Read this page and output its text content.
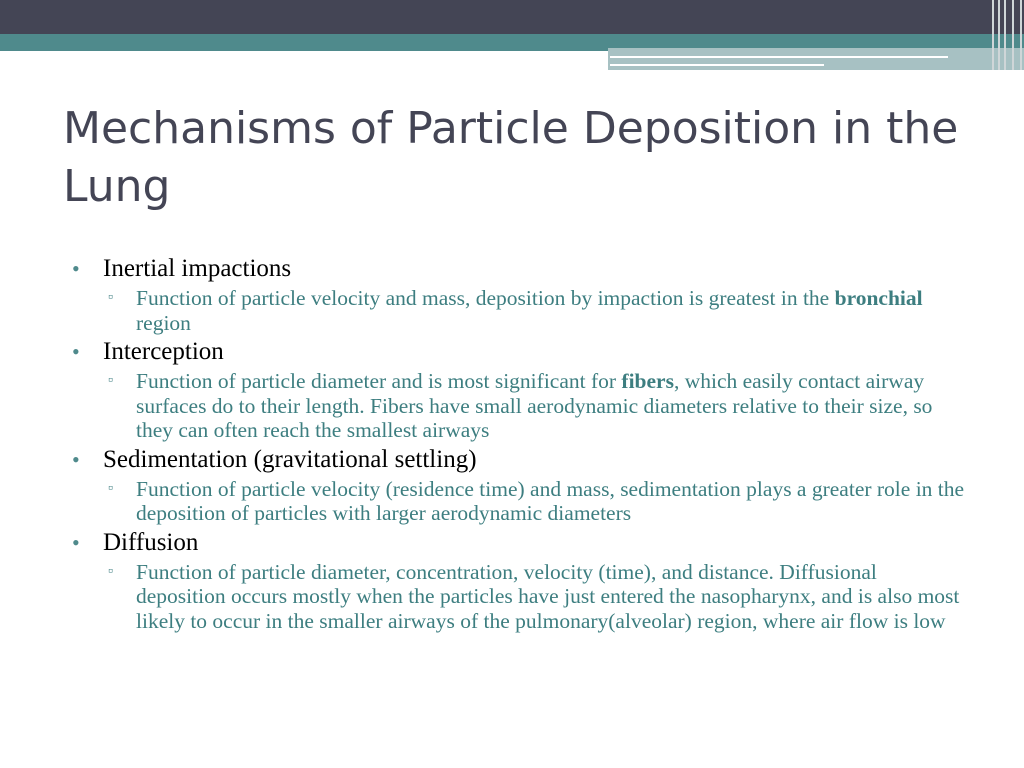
Mechanisms of Particle Deposition in the Lung

• Inertial impactions

▫ Function of particle velocity and mass, deposition by impaction is greatest in the bronchial region

• Interception

▫ Function of particle diameter and is most significant for fibers, which easily contact airway surfaces do to their length. Fibers have small aerodynamic diameters relative to their size, so they can often reach the smallest airways

• Sedimentation (gravitational settling)

▫ Function of particle velocity (residence time) and mass, sedimentation plays a greater role in the deposition of particles with larger aerodynamic diameters

• Diffusion

▫ Function of particle diameter, concentration, velocity (time), and distance. Diffusional deposition occurs mostly when the particles have just entered the nasopharynx, and is also most likely to occur in the smaller airways of the pulmonary(alveolar) region, where air flow is low
